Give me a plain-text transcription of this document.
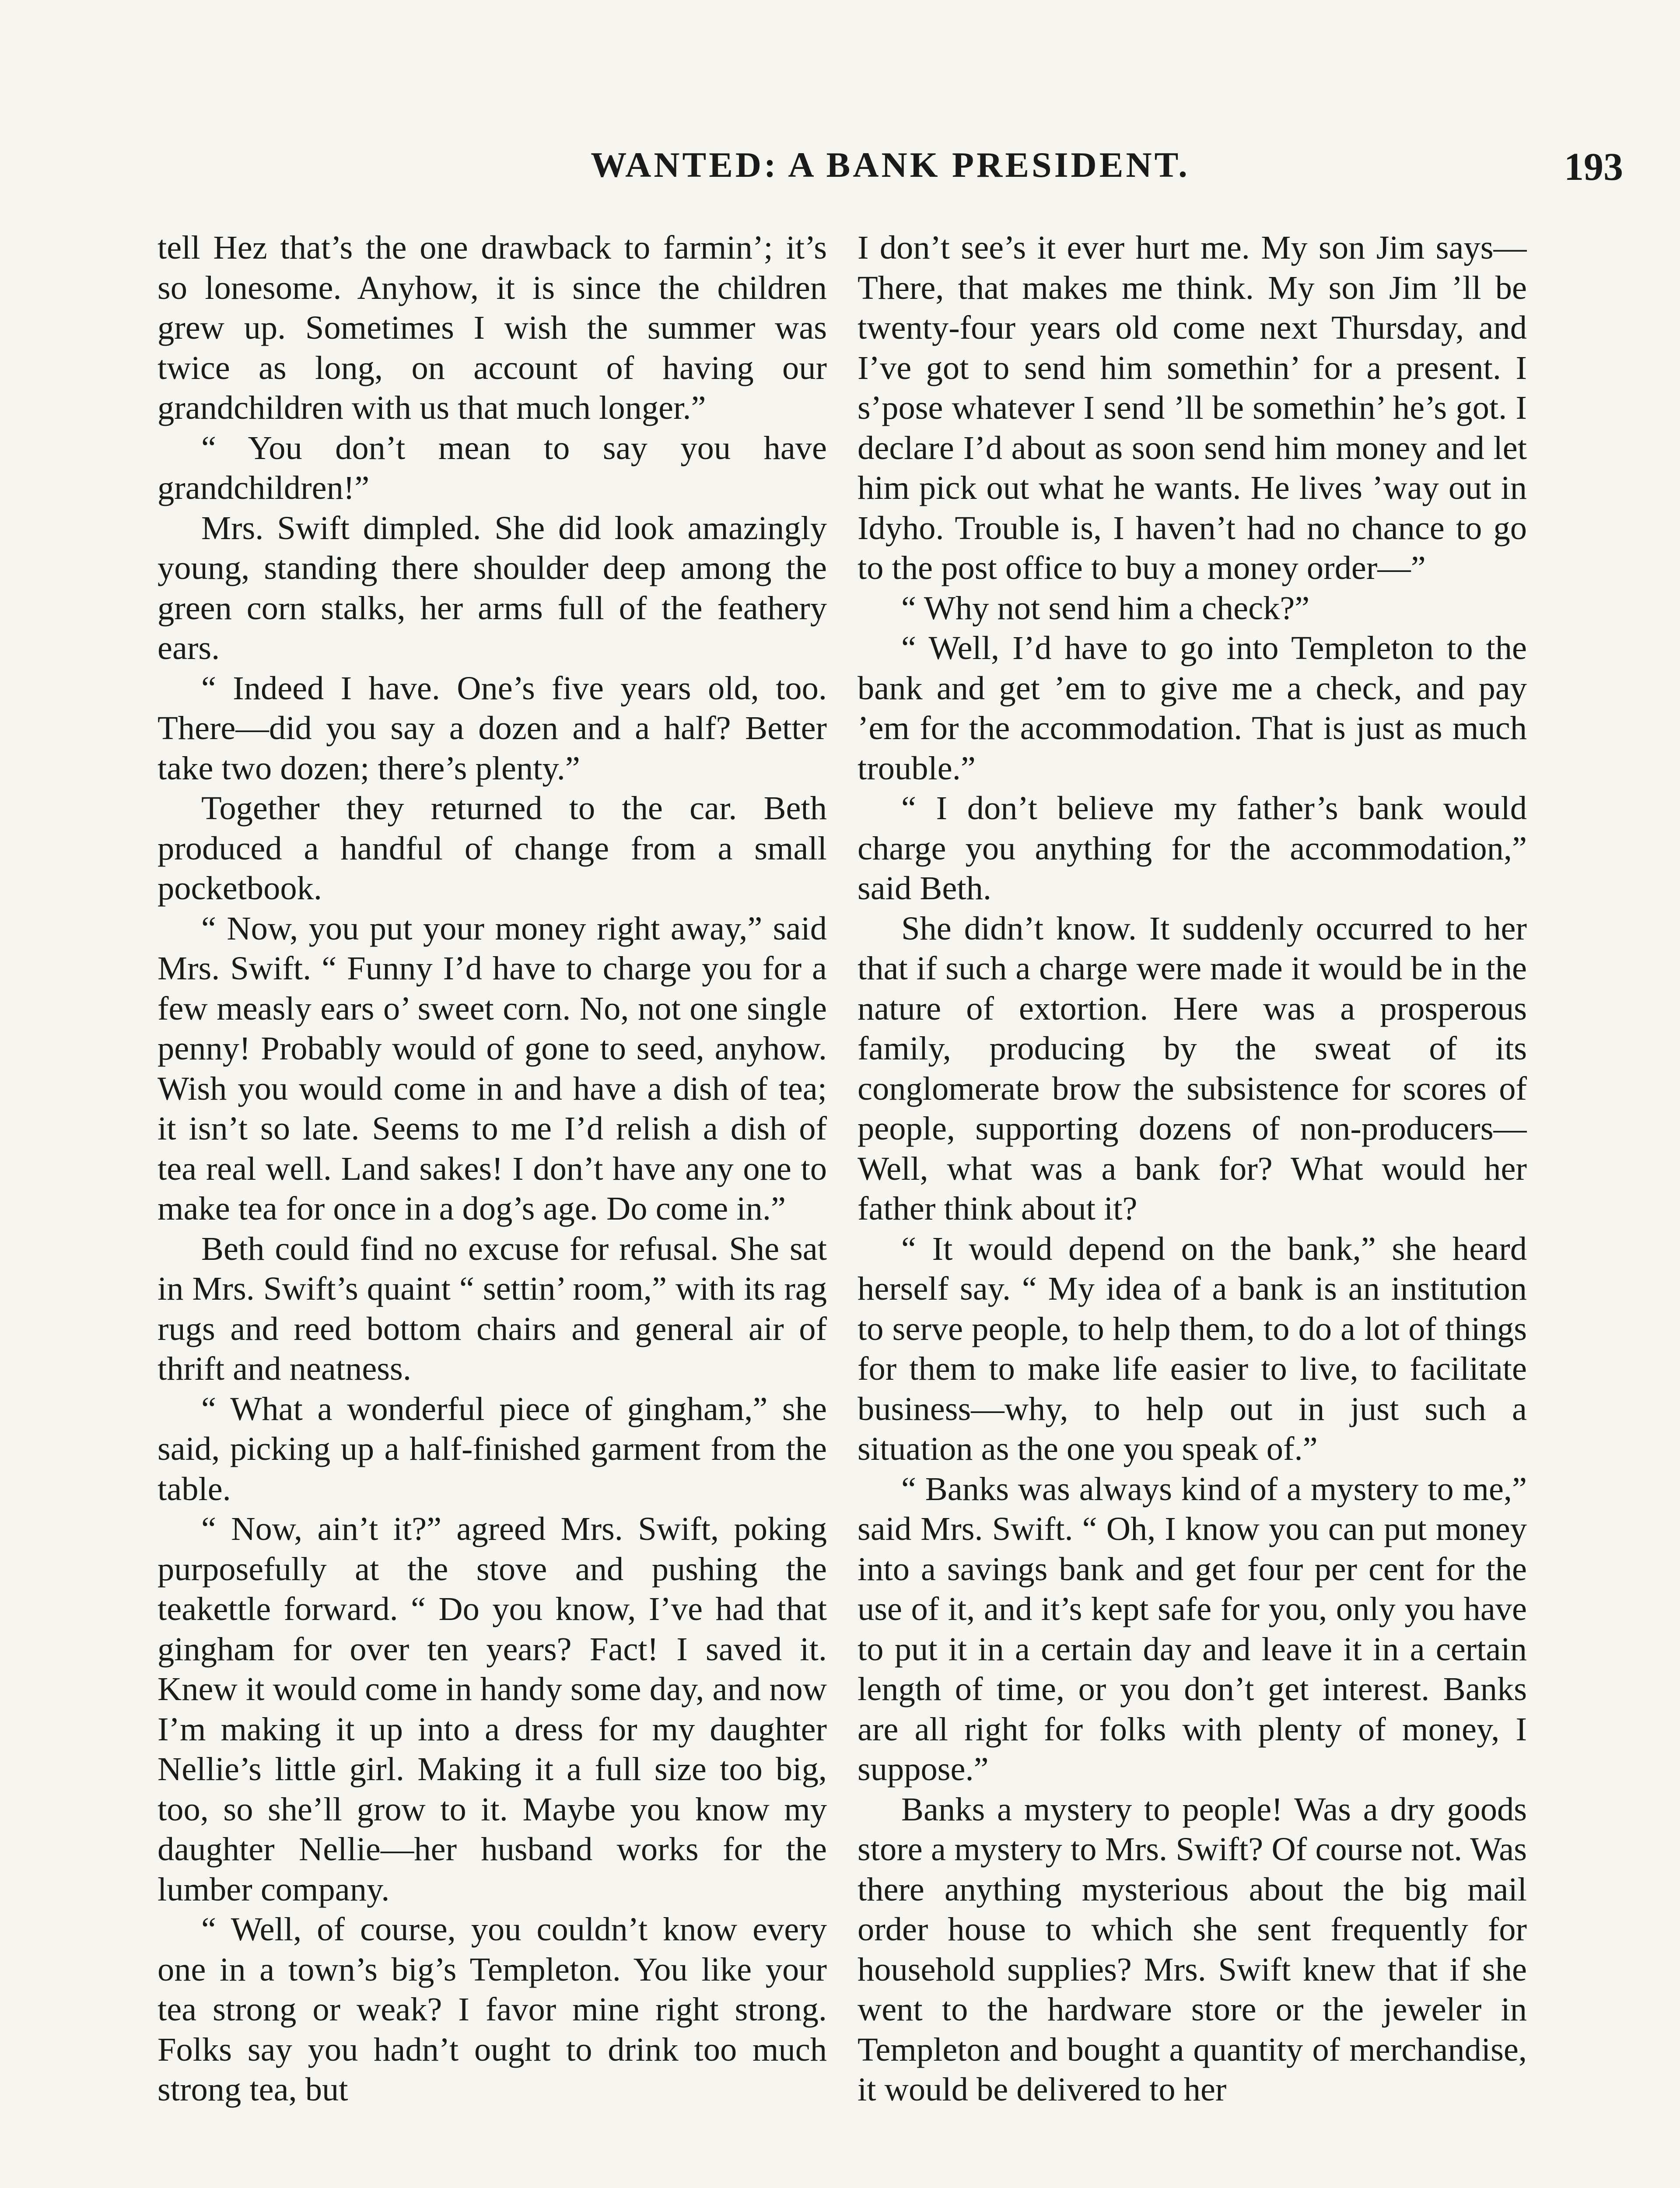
WANTED: A BANK PRESIDENT.	193

tell Hez that’s the one drawback to farmin’; it’s so lonesome. Anyhow, it is since the children grew up. Sometimes I wish the summer was twice as long, on account of having our grandchildren with us that much longer.”

“ You don’t mean to say you have grandchildren!”

Mrs. Swift dimpled. She did look amazingly young, standing there shoulder deep among the green corn stalks, her arms full of the feathery ears.

“ Indeed I have. One’s five years old, too. There—did you say a dozen and a half? Better take two dozen; there’s plenty.”

Together they returned to the car. Beth produced a handful of change from a small pocketbook.

“ Now, you put your money right away,” said Mrs. Swift. “ Funny I’d have to charge you for a few measly ears o’ sweet corn. No, not one single penny! Probably would of gone to seed, anyhow. Wish you would come in and have a dish of tea; it isn’t so late. Seems to me I’d relish a dish of tea real well. Land sakes! I don’t have any one to make tea for once in a dog’s age. Do come in.”

Beth could find no excuse for refusal. She sat in Mrs. Swift’s quaint “ settin’ room,” with its rag rugs and reed bottom chairs and general air of thrift and neatness.

“ What a wonderful piece of gingham,” she said, picking up a half-finished garment from the table.

“ Now, ain’t it?” agreed Mrs. Swift, poking purposefully at the stove and pushing the teakettle forward. “ Do you know, I’ve had that gingham for over ten years? Fact! I saved it. Knew it would come in handy some day, and now I’m making it up into a dress for my daughter Nellie’s little girl. Making it a full size too big, too, so she’ll grow to it. Maybe you know my daughter Nellie—her husband works for the lumber company.

“ Well, of course, you couldn’t know every one in a town’s big’s Templeton. You like your tea strong or weak? I favor mine right strong. Folks say you hadn’t ought to drink too much strong tea, but

I don’t see’s it ever hurt me. My son Jim says— There, that makes me think. My son Jim ’ll be twenty-four years old come next Thursday, and I’ve got to send him somethin’ for a present. I s’pose whatever I send ’ll be somethin’ he’s got. I declare I’d about as soon send him money and let him pick out what he wants. He lives ’way out in Idyho. Trouble is, I haven’t had no chance to go to the post office to buy a money order—”

“ Why not send him a check?”

“ Well, I’d have to go into Templeton to the bank and get ’em to give me a check, and pay ’em for the accommodation. That is just as much trouble.”

“ I don’t believe my father’s bank would charge you anything for the accommodation,” said Beth.

She didn’t know. It suddenly occurred to her that if such a charge were made it would be in the nature of extortion. Here was a prosperous family, producing by the sweat of its conglomerate brow the subsistence for scores of people, supporting dozens of non-producers— Well, what was a bank for? What would her father think about it?

“ It would depend on the bank,” she heard herself say. “ My idea of a bank is an institution to serve people, to help them, to do a lot of things for them to make life easier to live, to facilitate business—why, to help out in just such a situation as the one you speak of.”

“ Banks was always kind of a mystery to me,” said Mrs. Swift. “ Oh, I know you can put money into a savings bank and get four per cent for the use of it, and it’s kept safe for you, only you have to put it in a certain day and leave it in a certain length of time, or you don’t get interest. Banks are all right for folks with plenty of money, I suppose.”

Banks a mystery to people! Was a dry goods store a mystery to Mrs. Swift? Of course not. Was there anything mysterious about the big mail order house to which she sent frequently for household supplies? Mrs. Swift knew that if she went to the hardware store or the jeweler in Templeton and bought a quantity of merchandise, it would be delivered to her
